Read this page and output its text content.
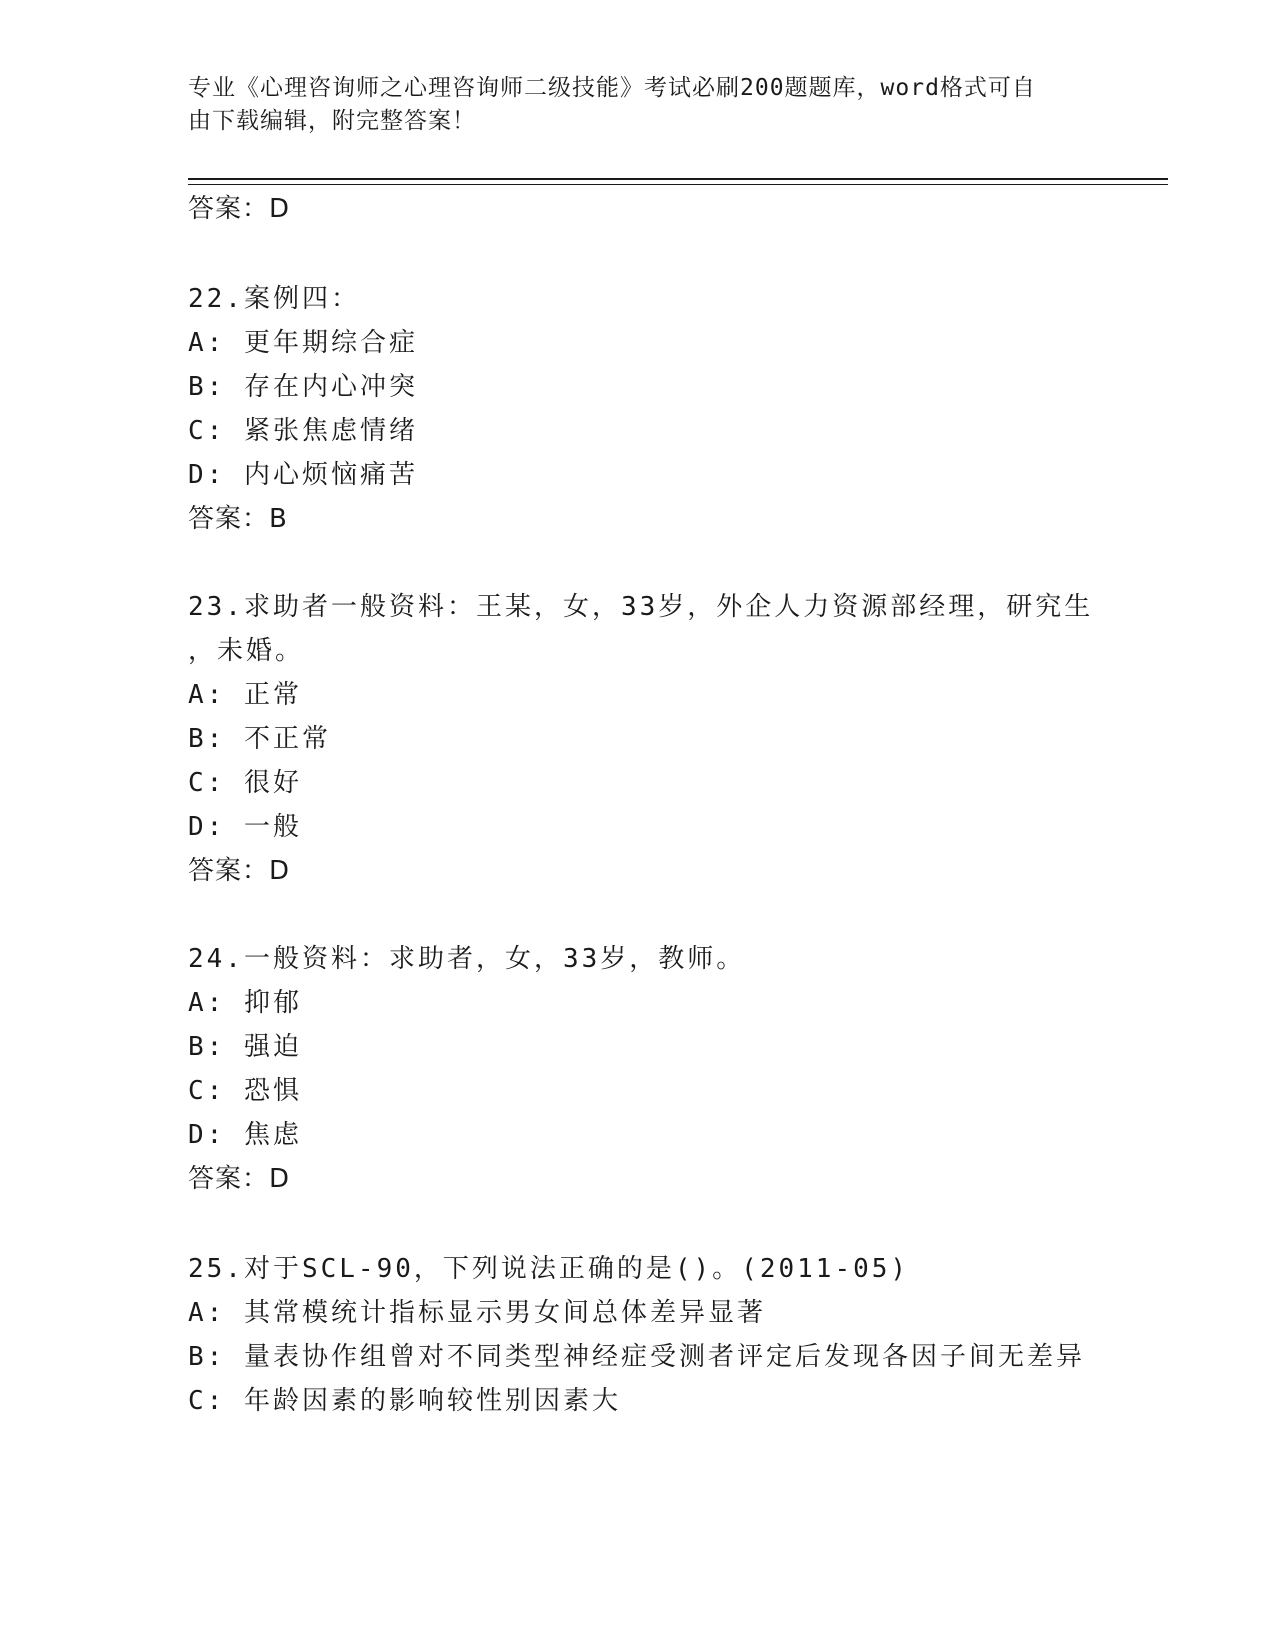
专业《心理咨询师之心理咨询师二级技能》考试必刷200题题库，word格式可自
由下载编辑，附完整答案！
答案：D
22.案例四：
A: 更年期综合症
B: 存在内心冲突
C: 紧张焦虑情绪
D: 内心烦恼痛苦
答案：B
23.求助者一般资料：王某，女，33岁，外企人力资源部经理，研究生
，未婚。
A: 正常
B: 不正常
C: 很好
D: 一般
答案：D
24.一般资料：求助者，女，33岁，教师。
A: 抑郁
B: 强迫
C: 恐惧
D: 焦虑
答案：D
25.对于SCL-90，下列说法正确的是()。(2011-05)
A: 其常模统计指标显示男女间总体差异显著
B: 量表协作组曾对不同类型神经症受测者评定后发现各因子间无差异
C: 年龄因素的影响较性别因素大
